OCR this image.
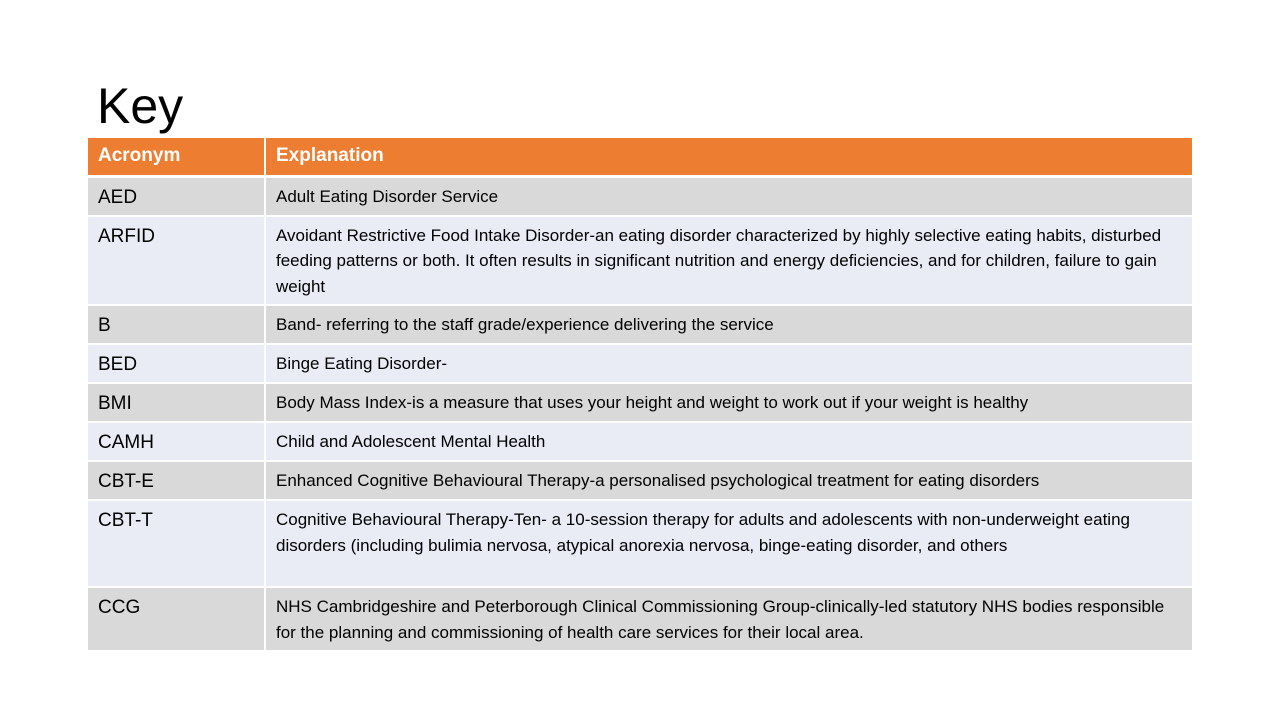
Key
Acronym	Explanation
AED	Adult Eating Disorder Service
ARFID	Avoidant Restrictive Food Intake Disorder-an eating disorder characterized by highly selective eating habits, disturbed feeding patterns or both. It often results in significant nutrition and energy deficiencies, and for children, failure to gain weight
B	Band- referring to the staff grade/experience delivering the service
BED	Binge Eating Disorder-
BMI	Body Mass Index-is a measure that uses your height and weight to work out if your weight is healthy
CAMH	Child and Adolescent Mental Health
CBT-E	Enhanced Cognitive Behavioural Therapy-a personalised psychological treatment for eating disorders
CBT-T	Cognitive Behavioural Therapy-Ten- a 10-session therapy for adults and adolescents with non-underweight eating disorders (including bulimia nervosa, atypical anorexia nervosa, binge-eating disorder, and others
CCG	NHS Cambridgeshire and Peterborough Clinical Commissioning Group-clinically-led statutory NHS bodies responsible for the planning and commissioning of health care services for their local area.
